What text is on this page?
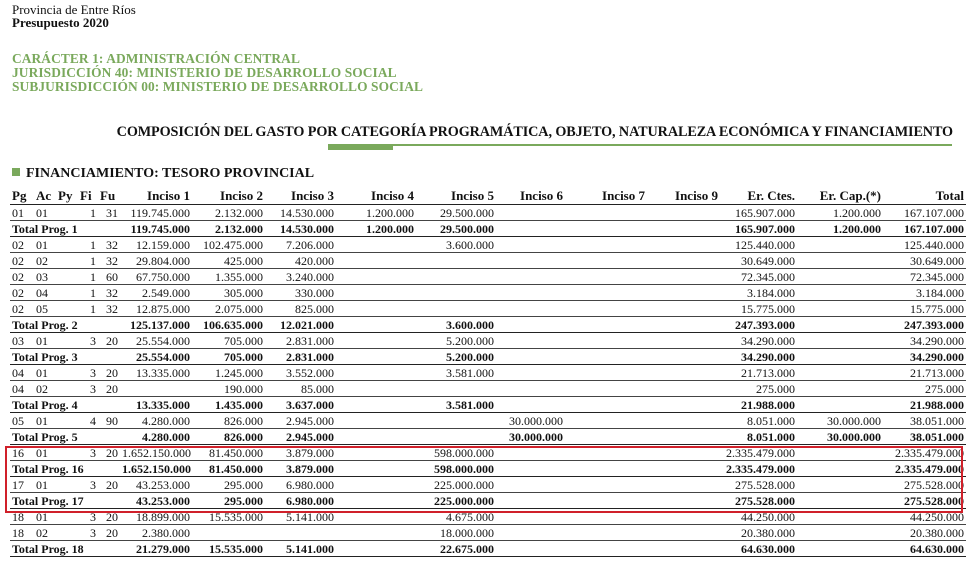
Provincia de Entre Ríos
Presupuesto 2020
CARÁCTER 1: ADMINISTRACIÓN CENTRAL
JURISDICCIÓN 40: MINISTERIO DE DESARROLLO SOCIAL
SUBJURISDICCIÓN 00: MINISTERIO DE DESARROLLO SOCIAL
COMPOSICIÓN DEL GASTO POR CATEGORÍA PROGRAMÁTICA, OBJETO, NATURALEZA ECONÓMICA Y FINANCIAMIENTO
FINANCIAMIENTO: TESORO PROVINCIAL
Pg	Ac	Py	Fi	Fu	Inciso 1	Inciso 2	Inciso 3	Inciso 4	Inciso 5	Inciso 6	Inciso 7	Inciso 9	Er. Ctes.	Er. Cap.(*)	Total
01	01		1	31	119.745.000	2.132.000	14.530.000	1.200.000	29.500.000				165.907.000	1.200.000	167.107.000
Total Prog. 1					119.745.000	2.132.000	14.530.000	1.200.000	29.500.000				165.907.000	1.200.000	167.107.000
02	01		1	32	12.159.000	102.475.000	7.206.000		3.600.000				125.440.000		125.440.000
02	02		1	32	29.804.000	425.000	420.000						30.649.000		30.649.000
02	03		1	60	67.750.000	1.355.000	3.240.000						72.345.000		72.345.000
02	04		1	32	2.549.000	305.000	330.000						3.184.000		3.184.000
02	05		1	32	12.875.000	2.075.000	825.000						15.775.000		15.775.000
Total Prog. 2					125.137.000	106.635.000	12.021.000		3.600.000				247.393.000		247.393.000
03	01		3	20	25.554.000	705.000	2.831.000		5.200.000				34.290.000		34.290.000
Total Prog. 3					25.554.000	705.000	2.831.000		5.200.000				34.290.000		34.290.000
04	01		3	20	13.335.000	1.245.000	3.552.000		3.581.000				21.713.000		21.713.000
04	02		3	20		190.000	85.000						275.000		275.000
Total Prog. 4					13.335.000	1.435.000	3.637.000		3.581.000				21.988.000		21.988.000
05	01		4	90	4.280.000	826.000	2.945.000			30.000.000			8.051.000	30.000.000	38.051.000
Total Prog. 5					4.280.000	826.000	2.945.000			30.000.000			8.051.000	30.000.000	38.051.000
16	01		3	20	1.652.150.000	81.450.000	3.879.000		598.000.000				2.335.479.000		2.335.479.000
Total Prog. 16					1.652.150.000	81.450.000	3.879.000		598.000.000				2.335.479.000		2.335.479.000
17	01		3	20	43.253.000	295.000	6.980.000		225.000.000				275.528.000		275.528.000
Total Prog. 17					43.253.000	295.000	6.980.000		225.000.000				275.528.000		275.528.000
18	01		3	20	18.899.000	15.535.000	5.141.000		4.675.000				44.250.000		44.250.000
18	02		3	20	2.380.000				18.000.000				20.380.000		20.380.000
Total Prog. 18					21.279.000	15.535.000	5.141.000		22.675.000				64.630.000		64.630.000
